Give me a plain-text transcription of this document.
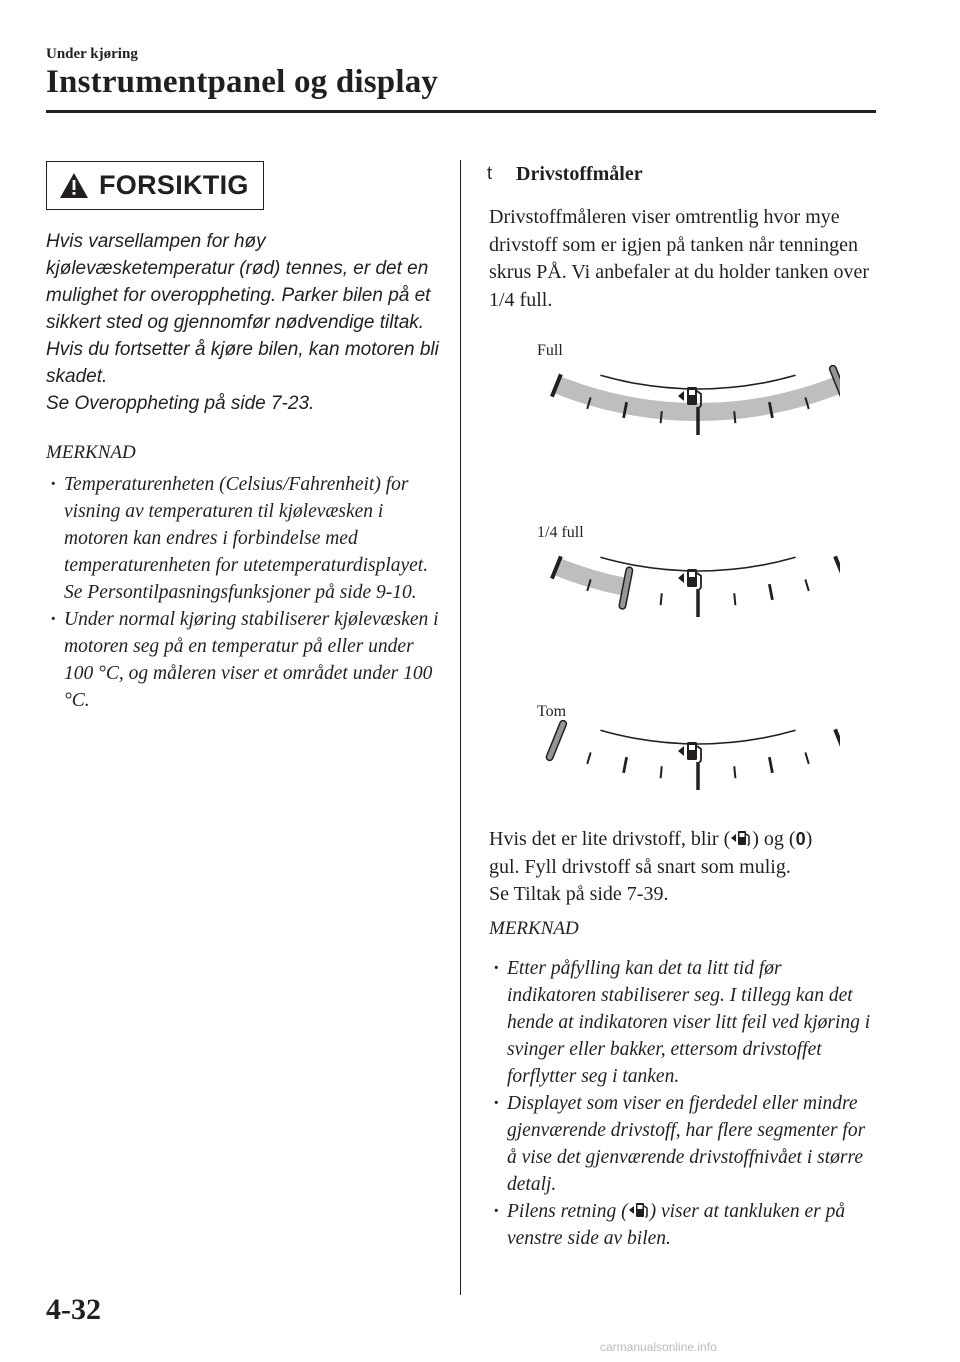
Under kjøring
Instrumentpanel og display
FORSIKTIG
Hvis varsellampen for høy kjølevæsketemperatur (rød) tennes, er det en mulighet for overoppheting. Parker bilen på et sikkert sted og gjennomfør nødvendige tiltak. Hvis du fortsetter å kjøre bilen, kan motoren bli skadet.
Se Overoppheting på side 7-23.
MERKNAD
· Temperaturenheten (Celsius/Fahrenheit) for visning av temperaturen til kjølevæsken i motoren kan endres i forbindelse med temperaturenheten for utetemperaturdisplayet.
Se Persontilpasningsfunksjoner på side 9-10.
· Under normal kjøring stabiliserer kjølevæsken i motoren seg på en temperatur på eller under 100 °C, og måleren viser et området under 100 °C.
t Drivstoffmåler
Drivstoffmåleren viser omtrentlig hvor mye drivstoff som er igjen på tanken når tenningen skrus PÅ. Vi anbefaler at du holder tanken over 1/4 full.
Full
1/4 full
Tom
Hvis det er lite drivstoff, blir ( ) og (0)
gul. Fyll drivstoff så snart som mulig.
Se Tiltak på side 7-39.
MERKNAD
· Etter påfylling kan det ta litt tid før indikatoren stabiliserer seg. I tillegg kan det hende at indikatoren viser litt feil ved kjøring i svinger eller bakker, ettersom drivstoffet forflytter seg i tanken.
· Displayet som viser en fjerdedel eller mindre gjenværende drivstoff, har flere segmenter for å vise det gjenværende drivstoffnivået i større detalj.
· Pilens retning ( ) viser at tankluken er på venstre side av bilen.
4-32
carmanualsonline.info
